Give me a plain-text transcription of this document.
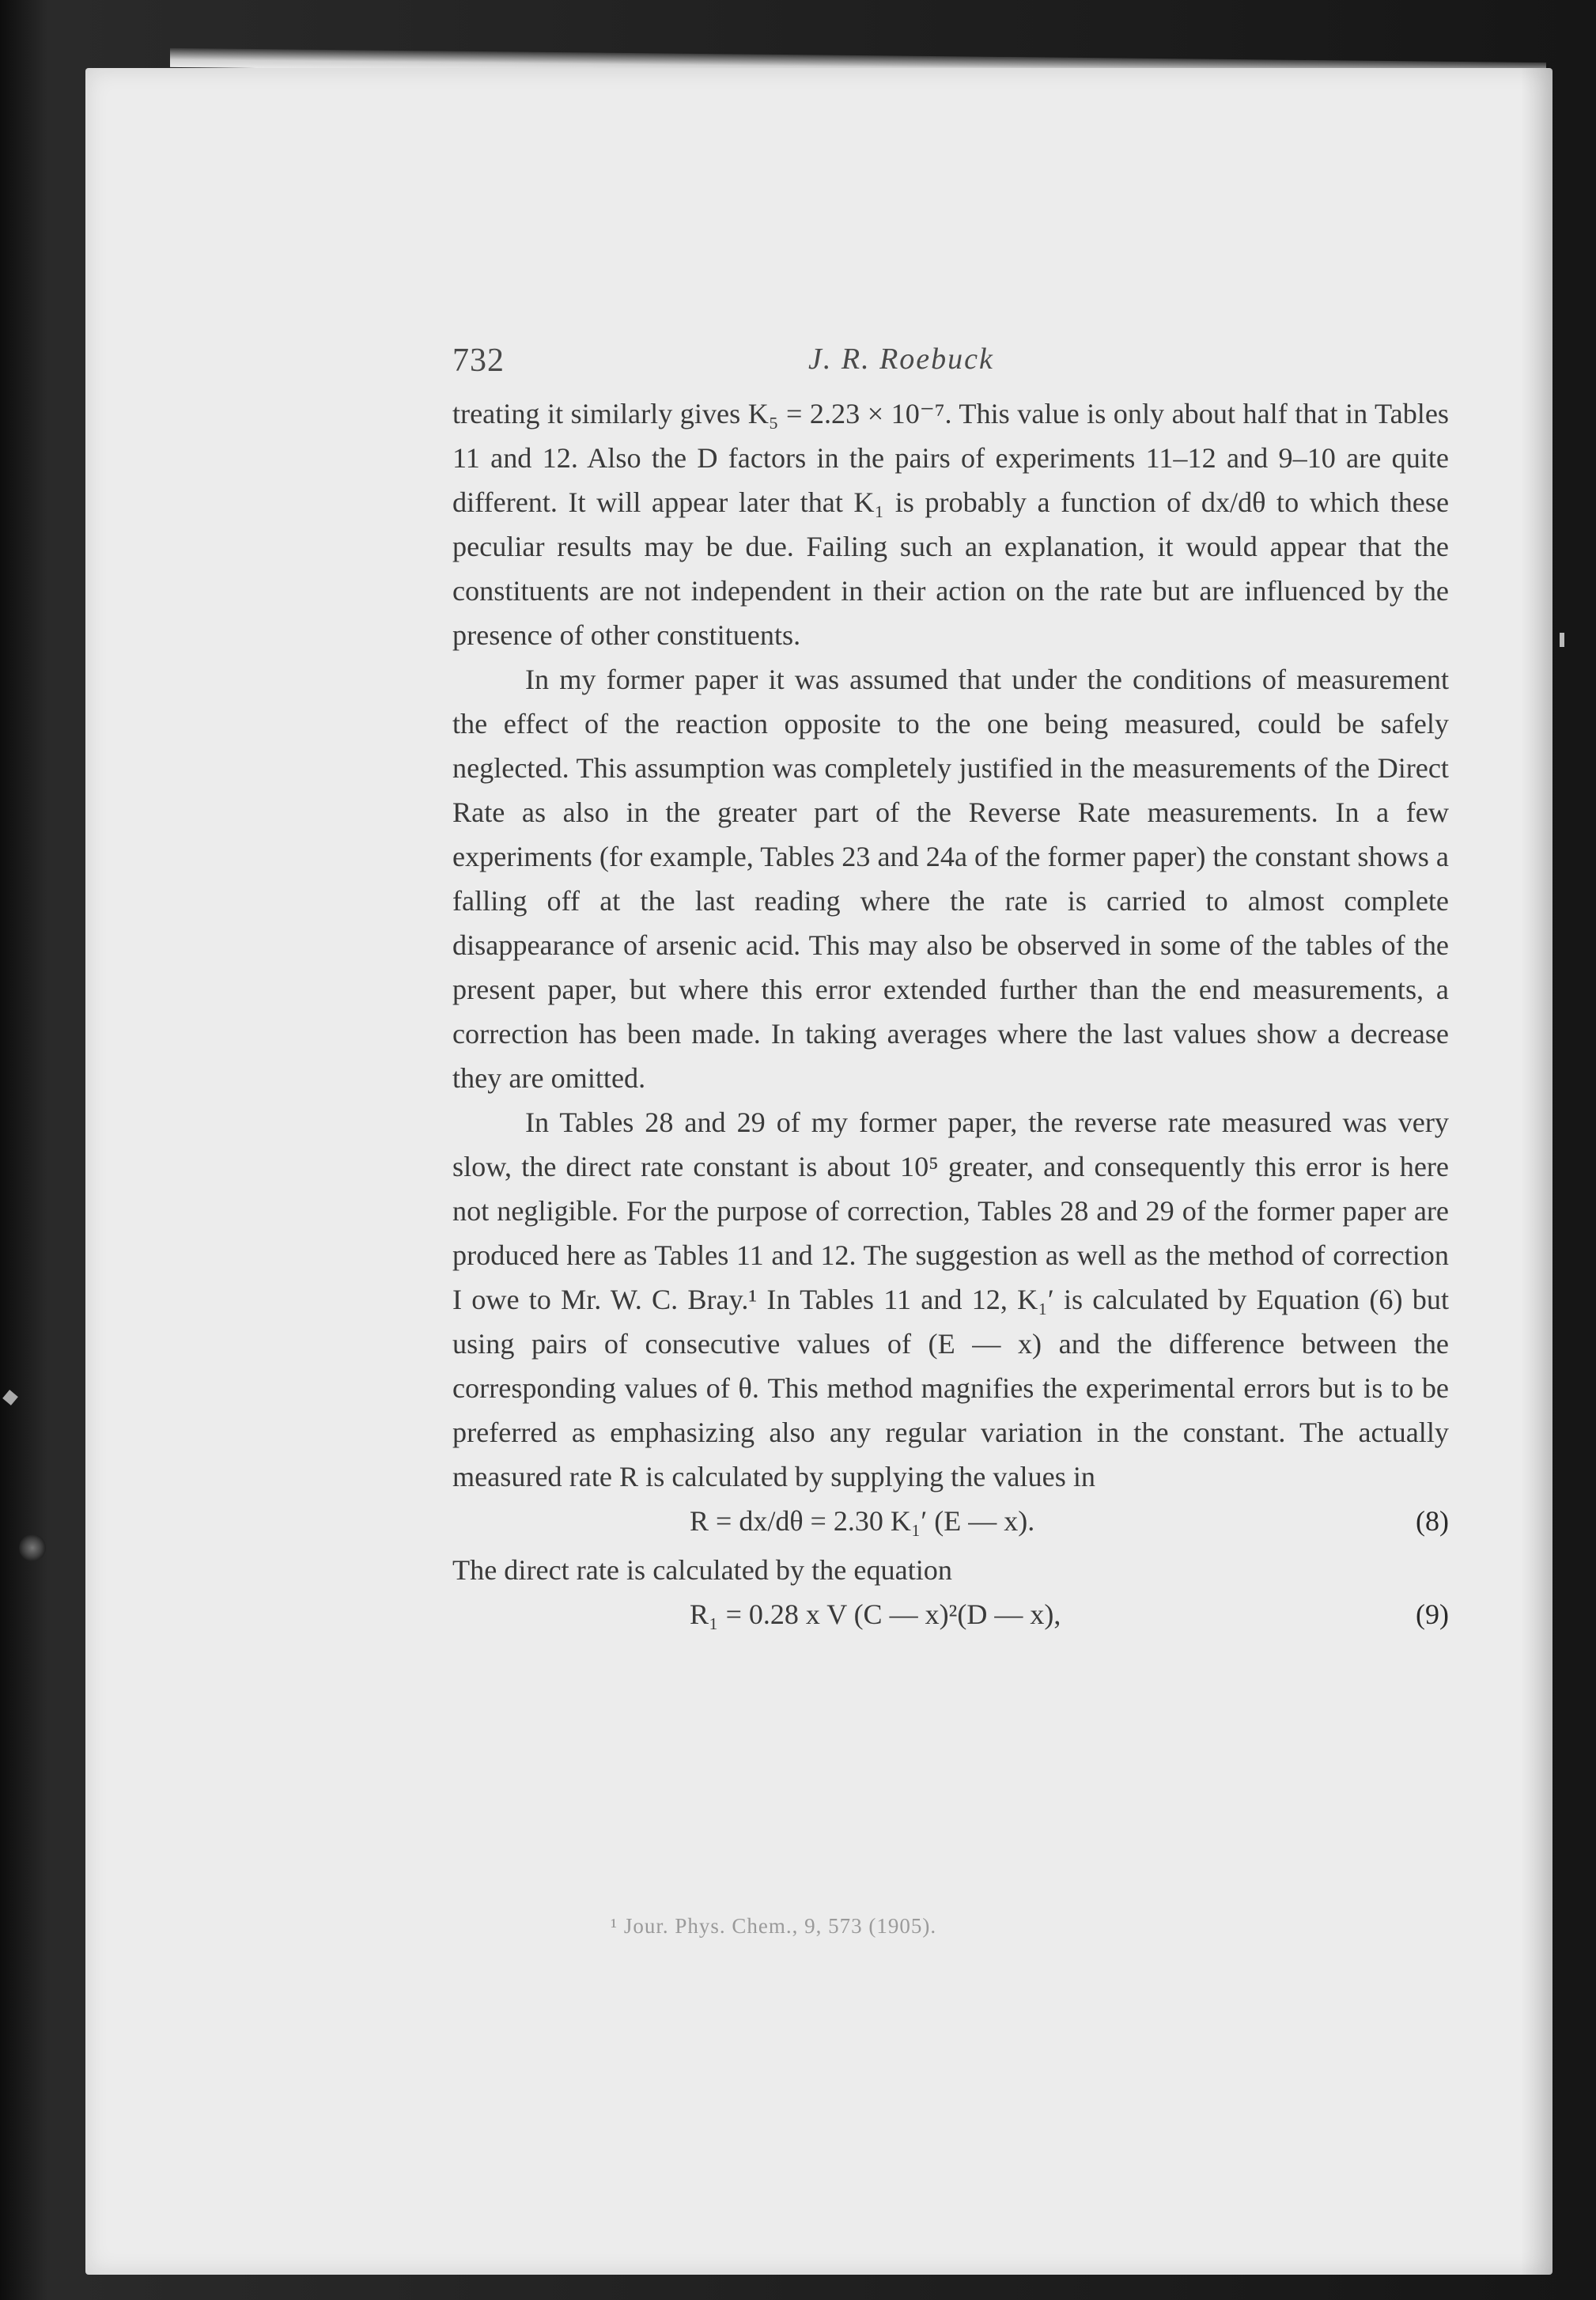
732	J. R. Roebuck

treating it similarly gives K₅ = 2.23 × 10⁻⁷. This value is only about half that in Tables 11 and 12. Also the D factors in the pairs of experiments 11–12 and 9–10 are quite different. It will appear later that K₁ is probably a function of dx/dθ to which these peculiar results may be due. Failing such an explanation, it would appear that the constituents are not independent in their action on the rate but are influenced by the presence of other constituents.

In my former paper it was assumed that under the conditions of measurement the effect of the reaction opposite to the one being measured, could be safely neglected. This assumption was completely justified in the measurements of the Direct Rate as also in the greater part of the Reverse Rate measurements. In a few experiments (for example, Tables 23 and 24a of the former paper) the constant shows a falling off at the last reading where the rate is carried to almost complete disappearance of arsenic acid. This may also be observed in some of the tables of the present paper, but where this error extended further than the end measurements, a correction has been made. In taking averages where the last values show a decrease they are omitted.

In Tables 28 and 29 of my former paper, the reverse rate measured was very slow, the direct rate constant is about 10⁵ greater, and consequently this error is here not negligible. For the purpose of correction, Tables 28 and 29 of the former paper are produced here as Tables 11 and 12. The suggestion as well as the method of correction I owe to Mr. W. C. Bray.¹ In Tables 11 and 12, K₁′ is calculated by Equation (6) but using pairs of consecutive values of (E — x) and the difference between the corresponding values of θ. This method magnifies the experimental errors but is to be preferred as emphasizing also any regular variation in the constant. The actually measured rate R is calculated by supplying the values in

R = dx/dθ = 2.30 K₁′ (E — x).	(8)

The direct rate is calculated by the equation

R₁ = 0.28 x V (C — x)²(D — x),	(9)
¹ Jour. Phys. Chem., 9, 573 (1905).
